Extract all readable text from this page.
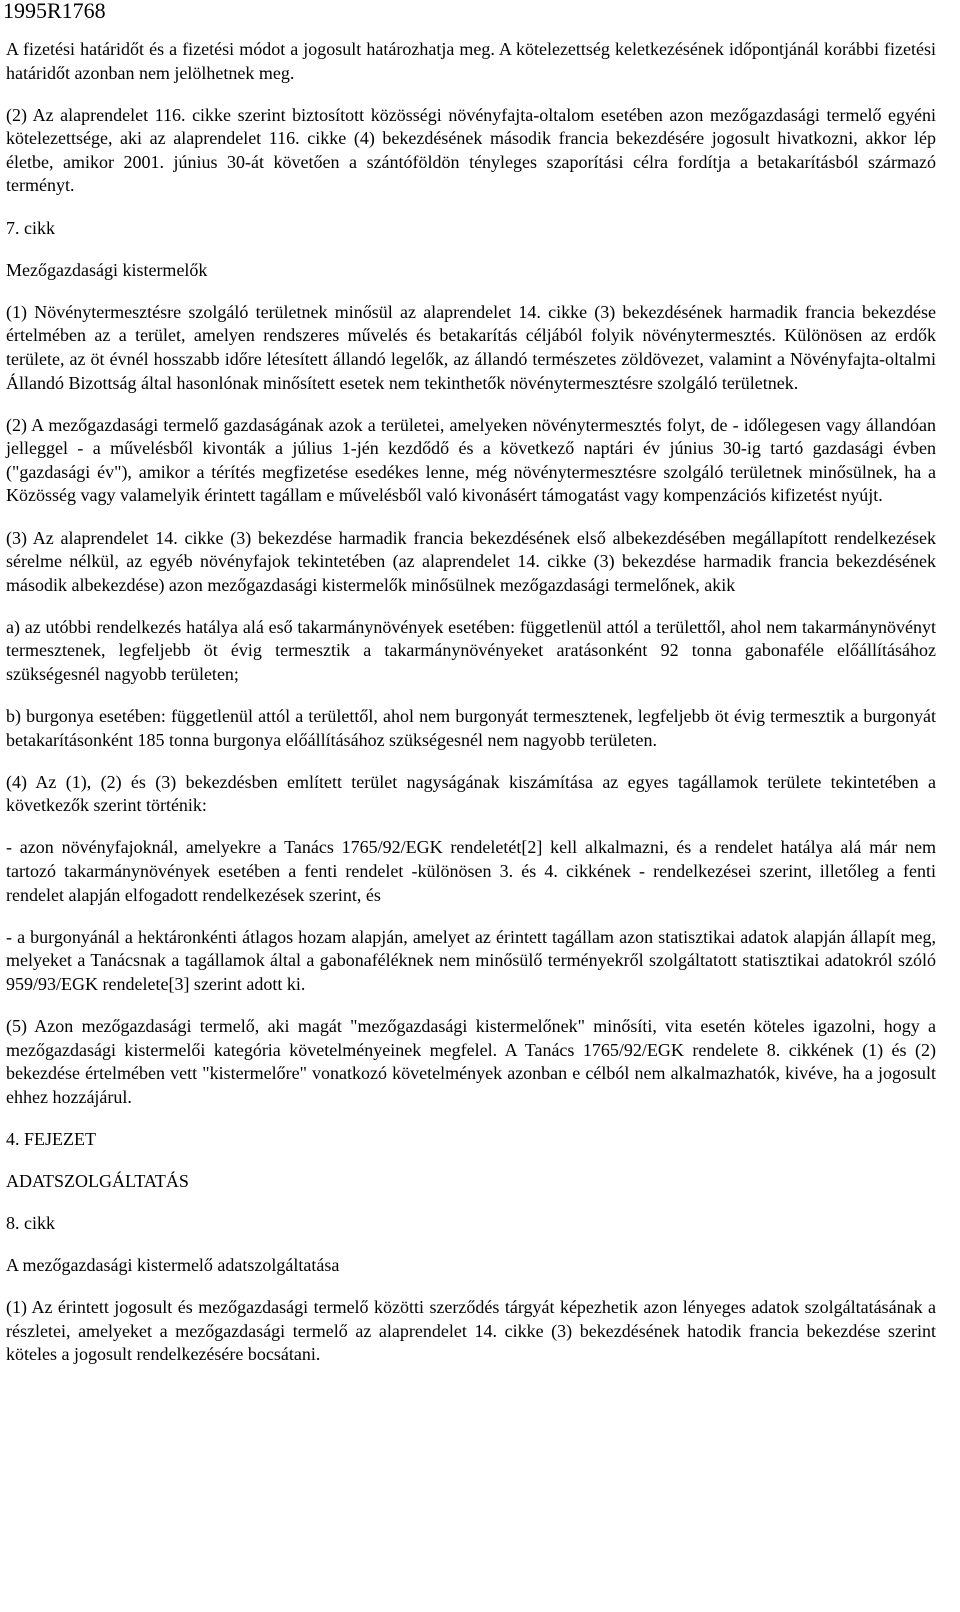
1995R1768

A fizetési határidőt és a fizetési módot a jogosult határozhatja meg. A kötelezettség keletkezésének időpontjánál korábbi fizetési határidőt azonban nem jelölhetnek meg.

(2) Az alaprendelet 116. cikke szerint biztosított közösségi növényfajta-oltalom esetében azon mezőgazdasági termelő egyéni kötelezettsége, aki az alaprendelet 116. cikke (4) bekezdésének második francia bekezdésére jogosult hivatkozni, akkor lép életbe, amikor 2001. június 30-át követően a szántóföldön tényleges szaporítási célra fordítja a betakarításból származó terményt.

7. cikk

Mezőgazdasági kistermelők

(1) Növénytermesztésre szolgáló területnek minősül az alaprendelet 14. cikke (3) bekezdésének harmadik francia bekezdése értelmében az a terület, amelyen rendszeres művelés és betakarítás céljából folyik növénytermesztés. Különösen az erdők területe, az öt évnél hosszabb időre létesített állandó legelők, az állandó természetes zöldövezet, valamint a Növényfajta-oltalmi Állandó Bizottság által hasonlónak minősített esetek nem tekinthetők növénytermesztésre szolgáló területnek.

(2) A mezőgazdasági termelő gazdaságának azok a területei, amelyeken növénytermesztés folyt, de - időlegesen vagy állandóan jelleggel - a művelésből kivonták a július 1-jén kezdődő és a következő naptári év június 30-ig tartó gazdasági évben ("gazdasági év"), amikor a térítés megfizetése esedékes lenne, még növénytermesztésre szolgáló területnek minősülnek, ha a Közösség vagy valamelyik érintett tagállam e művelésből való kivonásért támogatást vagy kompenzációs kifizetést nyújt.

(3) Az alaprendelet 14. cikke (3) bekezdése harmadik francia bekezdésének első albekezdésében megállapított rendelkezések sérelme nélkül, az egyéb növényfajok tekintetében (az alaprendelet 14. cikke (3) bekezdése harmadik francia bekezdésének második albekezdése) azon mezőgazdasági kistermelők minősülnek mezőgazdasági termelőnek, akik

a) az utóbbi rendelkezés hatálya alá eső takarmánynövények esetében: függetlenül attól a területtől, ahol nem takarmánynövényt termesztenek, legfeljebb öt évig termesztik a takarmánynövényeket aratásonként 92 tonna gabonaféle előállításához szükségesnél nagyobb területen;

b) burgonya esetében: függetlenül attól a területtől, ahol nem burgonyát termesztenek, legfeljebb öt évig termesztik a burgonyát betakarításonként 185 tonna burgonya előállításához szükségesnél nem nagyobb területen.

(4) Az (1), (2) és (3) bekezdésben említett terület nagyságának kiszámítása az egyes tagállamok területe tekintetében a következők szerint történik:

- azon növényfajoknál, amelyekre a Tanács 1765/92/EGK rendeletét[2] kell alkalmazni, és a rendelet hatálya alá már nem tartozó takarmánynövények esetében a fenti rendelet -különösen 3. és 4. cikkének - rendelkezései szerint, illetőleg a fenti rendelet alapján elfogadott rendelkezések szerint, és

- a burgonyánál a hektáronkénti átlagos hozam alapján, amelyet az érintett tagállam azon statisztikai adatok alapján állapít meg, melyeket a Tanácsnak a tagállamok által a gabonaféléknek nem minősülő terményekről szolgáltatott statisztikai adatokról szóló 959/93/EGK rendelete[3] szerint adott ki.

(5) Azon mezőgazdasági termelő, aki magát "mezőgazdasági kistermelőnek" minősíti, vita esetén köteles igazolni, hogy a mezőgazdasági kistermelői kategória követelményeinek megfelel. A Tanács 1765/92/EGK rendelete 8. cikkének (1) és (2) bekezdése értelmében vett "kistermelőre" vonatkozó követelmények azonban e célból nem alkalmazhatók, kivéve, ha a jogosult ehhez hozzájárul.

4. FEJEZET

ADATSZOLGÁLTATÁS

8. cikk

A mezőgazdasági kistermelő adatszolgáltatása

(1) Az érintett jogosult és mezőgazdasági termelő közötti szerződés tárgyát képezhetik azon lényeges adatok szolgáltatásának a részletei, amelyeket a mezőgazdasági termelő az alaprendelet 14. cikke (3) bekezdésének hatodik francia bekezdése szerint köteles a jogosult rendelkezésére bocsátani.
